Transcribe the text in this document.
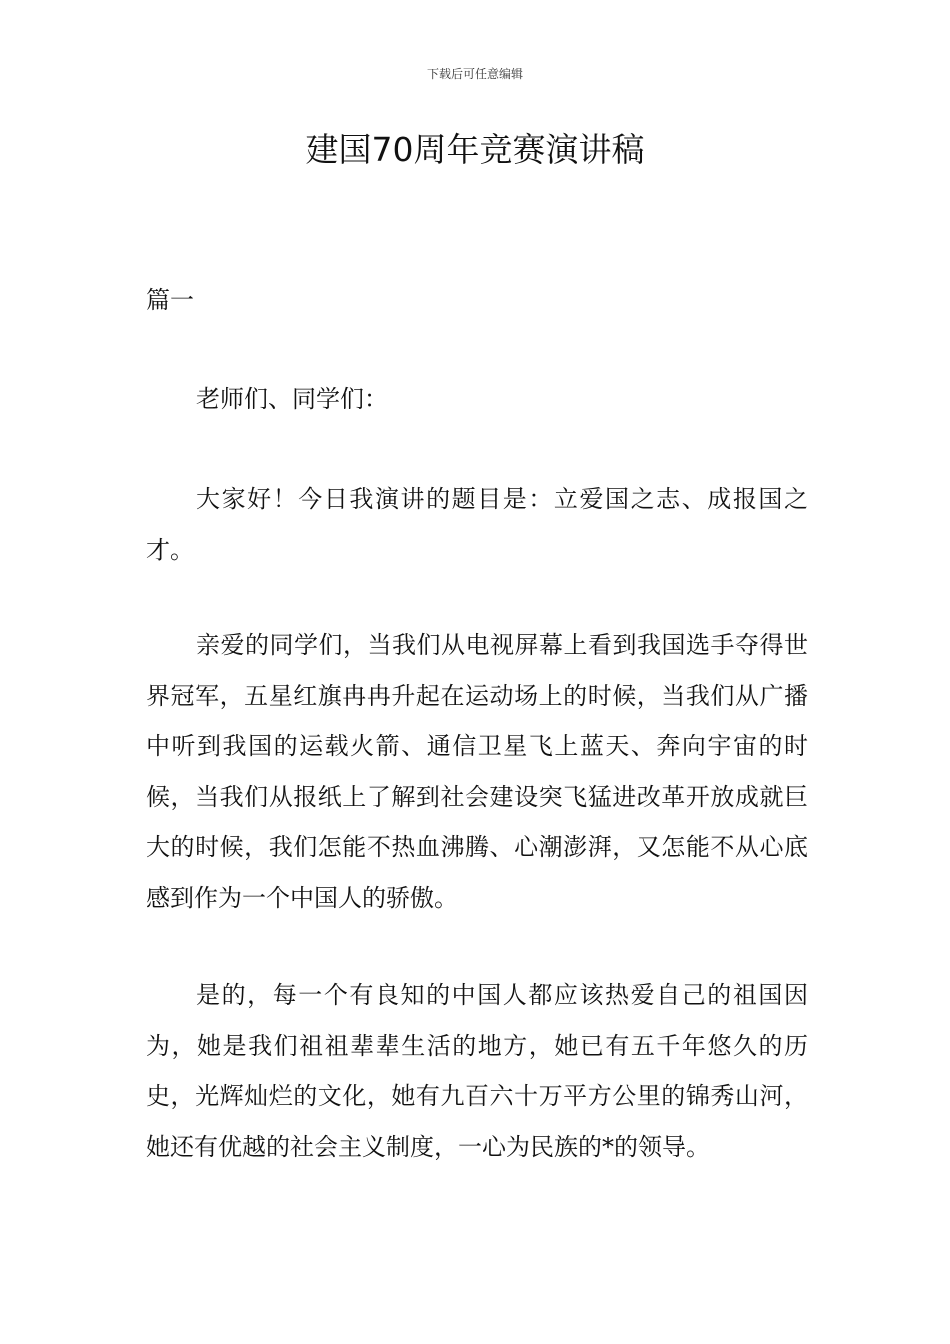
下载后可任意编辑
建国70周年竞赛演讲稿
篇一

老师们、同学们：

大家好！今日我演讲的题目是：立爱国之志、成报国之才。

亲爱的同学们，当我们从电视屏幕上看到我国选手夺得世界冠军，五星红旗冉冉升起在运动场上的时候，当我们从广播中听到我国的运载火箭、通信卫星飞上蓝天、奔向宇宙的时候，当我们从报纸上了解到社会建设突飞猛进改革开放成就巨大的时候，我们怎能不热血沸腾、心潮澎湃，又怎能不从心底感到作为一个中国人的骄傲。

是的，每一个有良知的中国人都应该热爱自己的祖国因为，她是我们祖祖辈辈生活的地方，她已有五千年悠久的历史，光辉灿烂的文化，她有九百六十万平方公里的锦秀山河，她还有优越的社会主义制度，一心为民族的*的领导。
